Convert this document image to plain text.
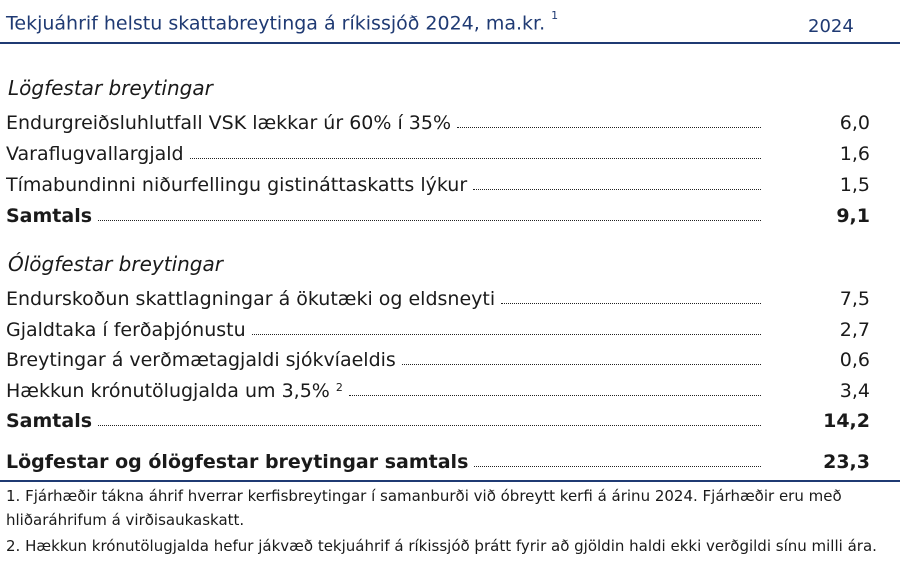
Tekjuáhrif helstu skattabreytinga á ríkissjóð 2024, ma.kr. $^1$
2024
Lögfestar breytingar
Endurgreiðsluhlutfall VSK lækkar úr 60% í 35%	6,0
Varaflugvallargjald	1,6
Tímabundinni niðurfellingu gistináttaskatts lýkur	1,5
Samtals	9,1
Ólögfestar breytingar
Endurskoðun skattlagningar á ökutæki og eldsneyti	7,5
Gjaldtaka í ferðaþjónustu	2,7
Breytingar á verðmætagjaldi sjókvíaeldis	0,6
Hækkun krónutölugjalda um 3,5% $^2$	3,4
Samtals	14,2
Lögfestar og ólögfestar breytingar samtals	23,3
1. Fjárhæðir tákna áhrif hverrar kerfisbreytingar í samanburði við óbreytt kerfi á árinu 2024. Fjárhæðir eru með hliðaráhrifum á virðisaukaskatt.
2. Hækkun krónutölugjalda hefur jákvæð tekjuáhrif á ríkissjóð þrátt fyrir að gjöldin haldi ekki verðgildi sínu milli ára.
